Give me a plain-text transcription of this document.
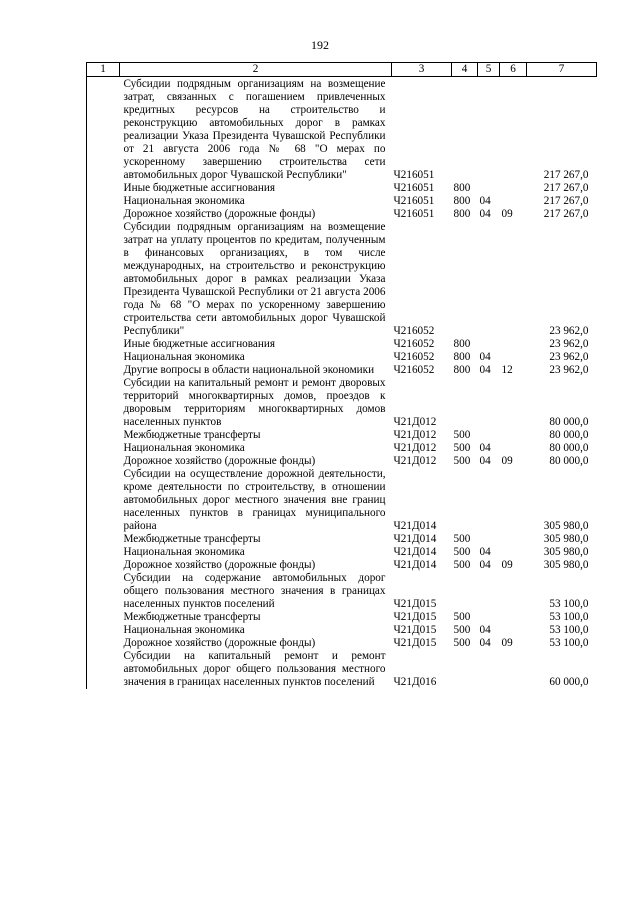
192
1	2	3	4	5	6	7
	Субсидии подрядным организациям на возмещение затрат, связанных с погашением привлеченных кредитных ресурсов на строительство и реконструкцию автомобильных дорог в рамках реализации Указа Президента Чувашской Республики от 21 августа 2006 года № 68 "О мерах по ускоренному завершению строительства сети автомобильных дорог Чувашской Республики"	Ч216051				217 267,0
	Иные бюджетные ассигнования	Ч216051	800			217 267,0
	Национальная экономика	Ч216051	800	04		217 267,0
	Дорожное хозяйство (дорожные фонды)	Ч216051	800	04	09	217 267,0
	Субсидии подрядным организациям на возмещение затрат на уплату процентов по кредитам, полученным в финансовых организациях, в том числе международных, на строительство и реконструкцию автомобильных дорог в рамках реализации Указа Президента Чувашской Республики от 21 августа 2006 года № 68 "О мерах по ускоренному завершению строительства сети автомобильных дорог Чувашской Республики"	Ч216052				23 962,0
	Иные бюджетные ассигнования	Ч216052	800			23 962,0
	Национальная экономика	Ч216052	800	04		23 962,0
	Другие вопросы в области национальной экономики	Ч216052	800	04	12	23 962,0
	Субсидии на капитальный ремонт и ремонт дворовых территорий многоквартирных домов, проездов к дворовым территориям многоквартирных домов населенных пунктов	Ч21Д012				80 000,0
	Межбюджетные трансферты	Ч21Д012	500			80 000,0
	Национальная экономика	Ч21Д012	500	04		80 000,0
	Дорожное хозяйство (дорожные фонды)	Ч21Д012	500	04	09	80 000,0
	Субсидии на осуществление дорожной деятельности, кроме деятельности по строительству, в отношении автомобильных дорог местного значения вне границ населенных пунктов в границах муниципального района	Ч21Д014				305 980,0
	Межбюджетные трансферты	Ч21Д014	500			305 980,0
	Национальная экономика	Ч21Д014	500	04		305 980,0
	Дорожное хозяйство (дорожные фонды)	Ч21Д014	500	04	09	305 980,0
	Субсидии на содержание автомобильных дорог общего пользования местного значения в границах населенных пунктов поселений	Ч21Д015				53 100,0
	Межбюджетные трансферты	Ч21Д015	500			53 100,0
	Национальная экономика	Ч21Д015	500	04		53 100,0
	Дорожное хозяйство (дорожные фонды)	Ч21Д015	500	04	09	53 100,0
	Субсидии на капитальный ремонт и ремонт автомобильных дорог общего пользования местного значения в границах населенных пунктов поселений	Ч21Д016				60 000,0
